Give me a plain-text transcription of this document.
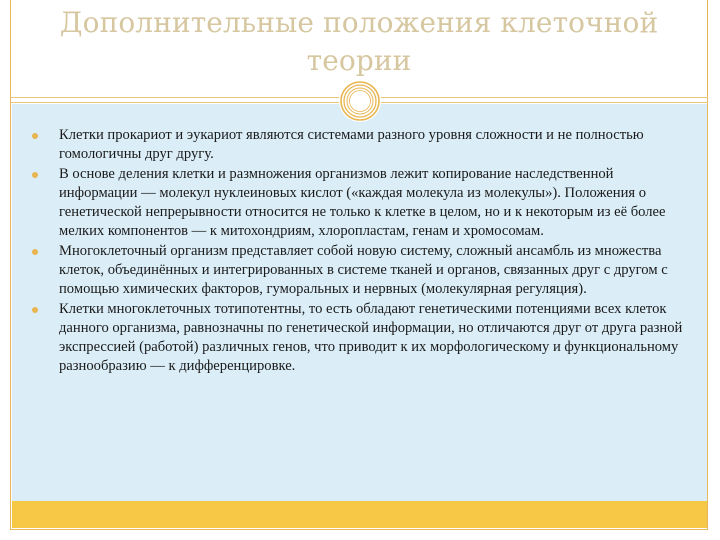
Дополнительные положения клеточной
теории
Клетки прокариот и эукариот являются системами разного уровня сложности и не полностью гомологичны друг другу.
В основе деления клетки и размножения организмов лежит копирование наследственной информации — молекул нуклеиновых кислот («каждая молекула из молекулы»). Положения о генетической непрерывности относится не только к клетке в целом, но и к некоторым из её более мелких компонентов — к митохондриям, хлоропластам, генам и хромосомам.
Многоклеточный организм представляет собой новую систему, сложный ансамбль из множества клеток, объединённых и интегрированных в системе тканей и органов, связанных друг с другом с помощью химических факторов, гуморальных и нервных (молекулярная регуляция).
Клетки многоклеточных тотипотентны, то есть обладают генетическими потенциями всех клеток данного организма, равнозначны по генетической информации, но отличаются друг от друга разной экспрессией (работой) различных генов, что приводит к их морфологическому и функциональному разнообразию — к дифференцировке.
